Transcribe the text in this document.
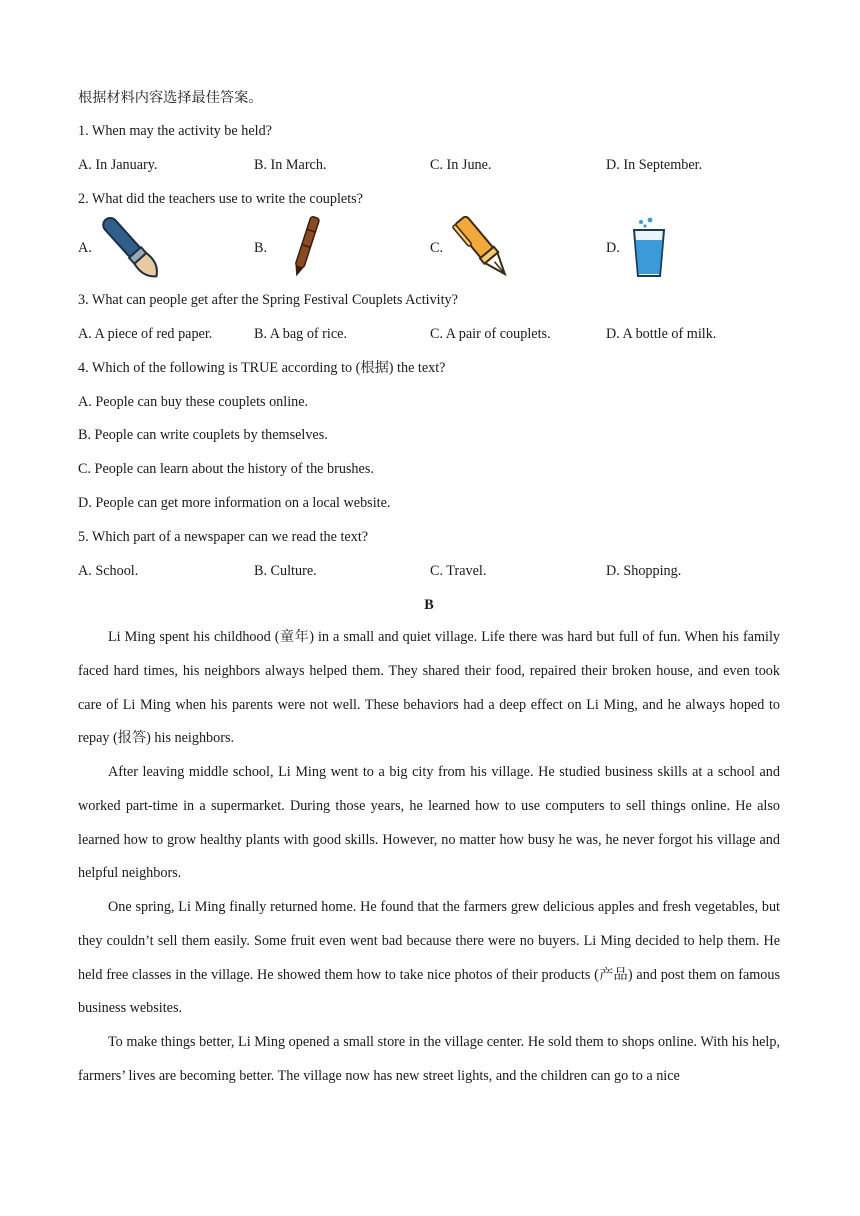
根据材料内容选择最佳答案。
1. When may the activity be held?
A. In January.	B. In March.	C. In June.	D. In September.
2. What did the teachers use to write the couplets?
A.	B.	C.	D.
3. What can people get after the Spring Festival Couplets Activity?
A. A piece of red paper.	B. A bag of rice.	C. A pair of couplets.	D. A bottle of milk.
4. Which of the following is TRUE according to (根据) the text?
A. People can buy these couplets online.
B. People can write couplets by themselves.
C. People can learn about the history of the brushes.
D. People can get more information on a local website.
5. Which part of a newspaper can we read the text?
A. School.	B. Culture.	C. Travel.	D. Shopping.
B
Li Ming spent his childhood (童年) in a small and quiet village. Life there was hard but full of fun. When his family faced hard times, his neighbors always helped them. They shared their food, repaired their broken house, and even took care of Li Ming when his parents were not well. These behaviors had a deep effect on Li Ming, and he always hoped to repay (报答) his neighbors.
After leaving middle school, Li Ming went to a big city from his village. He studied business skills at a school and worked part-time in a supermarket. During those years, he learned how to use computers to sell things online. He also learned how to grow healthy plants with good skills. However, no matter how busy he was, he never forgot his village and helpful neighbors.
One spring, Li Ming finally returned home. He found that the farmers grew delicious apples and fresh vegetables, but they couldn’t sell them easily. Some fruit even went bad because there were no buyers. Li Ming decided to help them. He held free classes in the village. He showed them how to take nice photos of their products (产品) and post them on famous business websites.
To make things better, Li Ming opened a small store in the village center. He sold them to shops online. With his help, farmers’ lives are becoming better. The village now has new street lights, and the children can go to a nice
